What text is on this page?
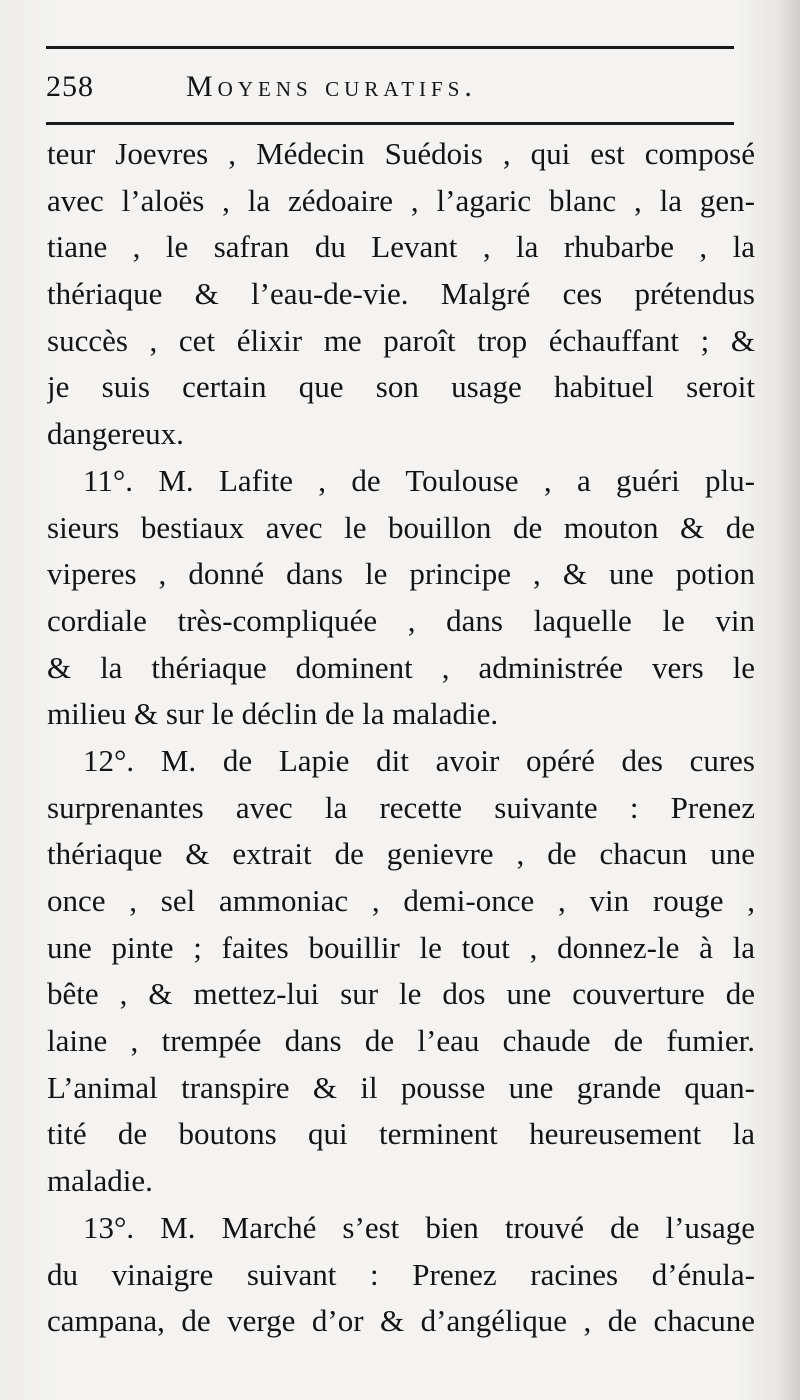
258	Moyens curatifs.
teur Joevres , Médecin Suédois , qui est composé
avec l’aloës , la zédoaire , l’agaric blanc , la gen-
tiane , le safran du Levant , la rhubarbe , la
thériaque & l’eau-de-vie. Malgré ces prétendus
succès , cet élixir me paroît trop échauffant ; &
je suis certain que son usage habituel seroit
dangereux.
11°. M. Lafite , de Toulouse , a guéri plu-
sieurs bestiaux avec le bouillon de mouton & de
viperes , donné dans le principe , & une potion
cordiale très-compliquée , dans laquelle le vin
& la thériaque dominent , administrée vers le
milieu & sur le déclin de la maladie.
12°. M. de Lapie dit avoir opéré des cures
surprenantes avec la recette suivante : Prenez
thériaque & extrait de genievre , de chacun une
once , sel ammoniac , demi-once , vin rouge ,
une pinte ; faites bouillir le tout , donnez-le à la
bête , & mettez-lui sur le dos une couverture de
laine , trempée dans de l’eau chaude de fumier.
L’animal transpire & il pousse une grande quan-
tité de boutons qui terminent heureusement la
maladie.
13°. M. Marché s’est bien trouvé de l’usage
du vinaigre suivant : Prenez racines d’énula-
campana, de verge d’or & d’angélique , de chacune
